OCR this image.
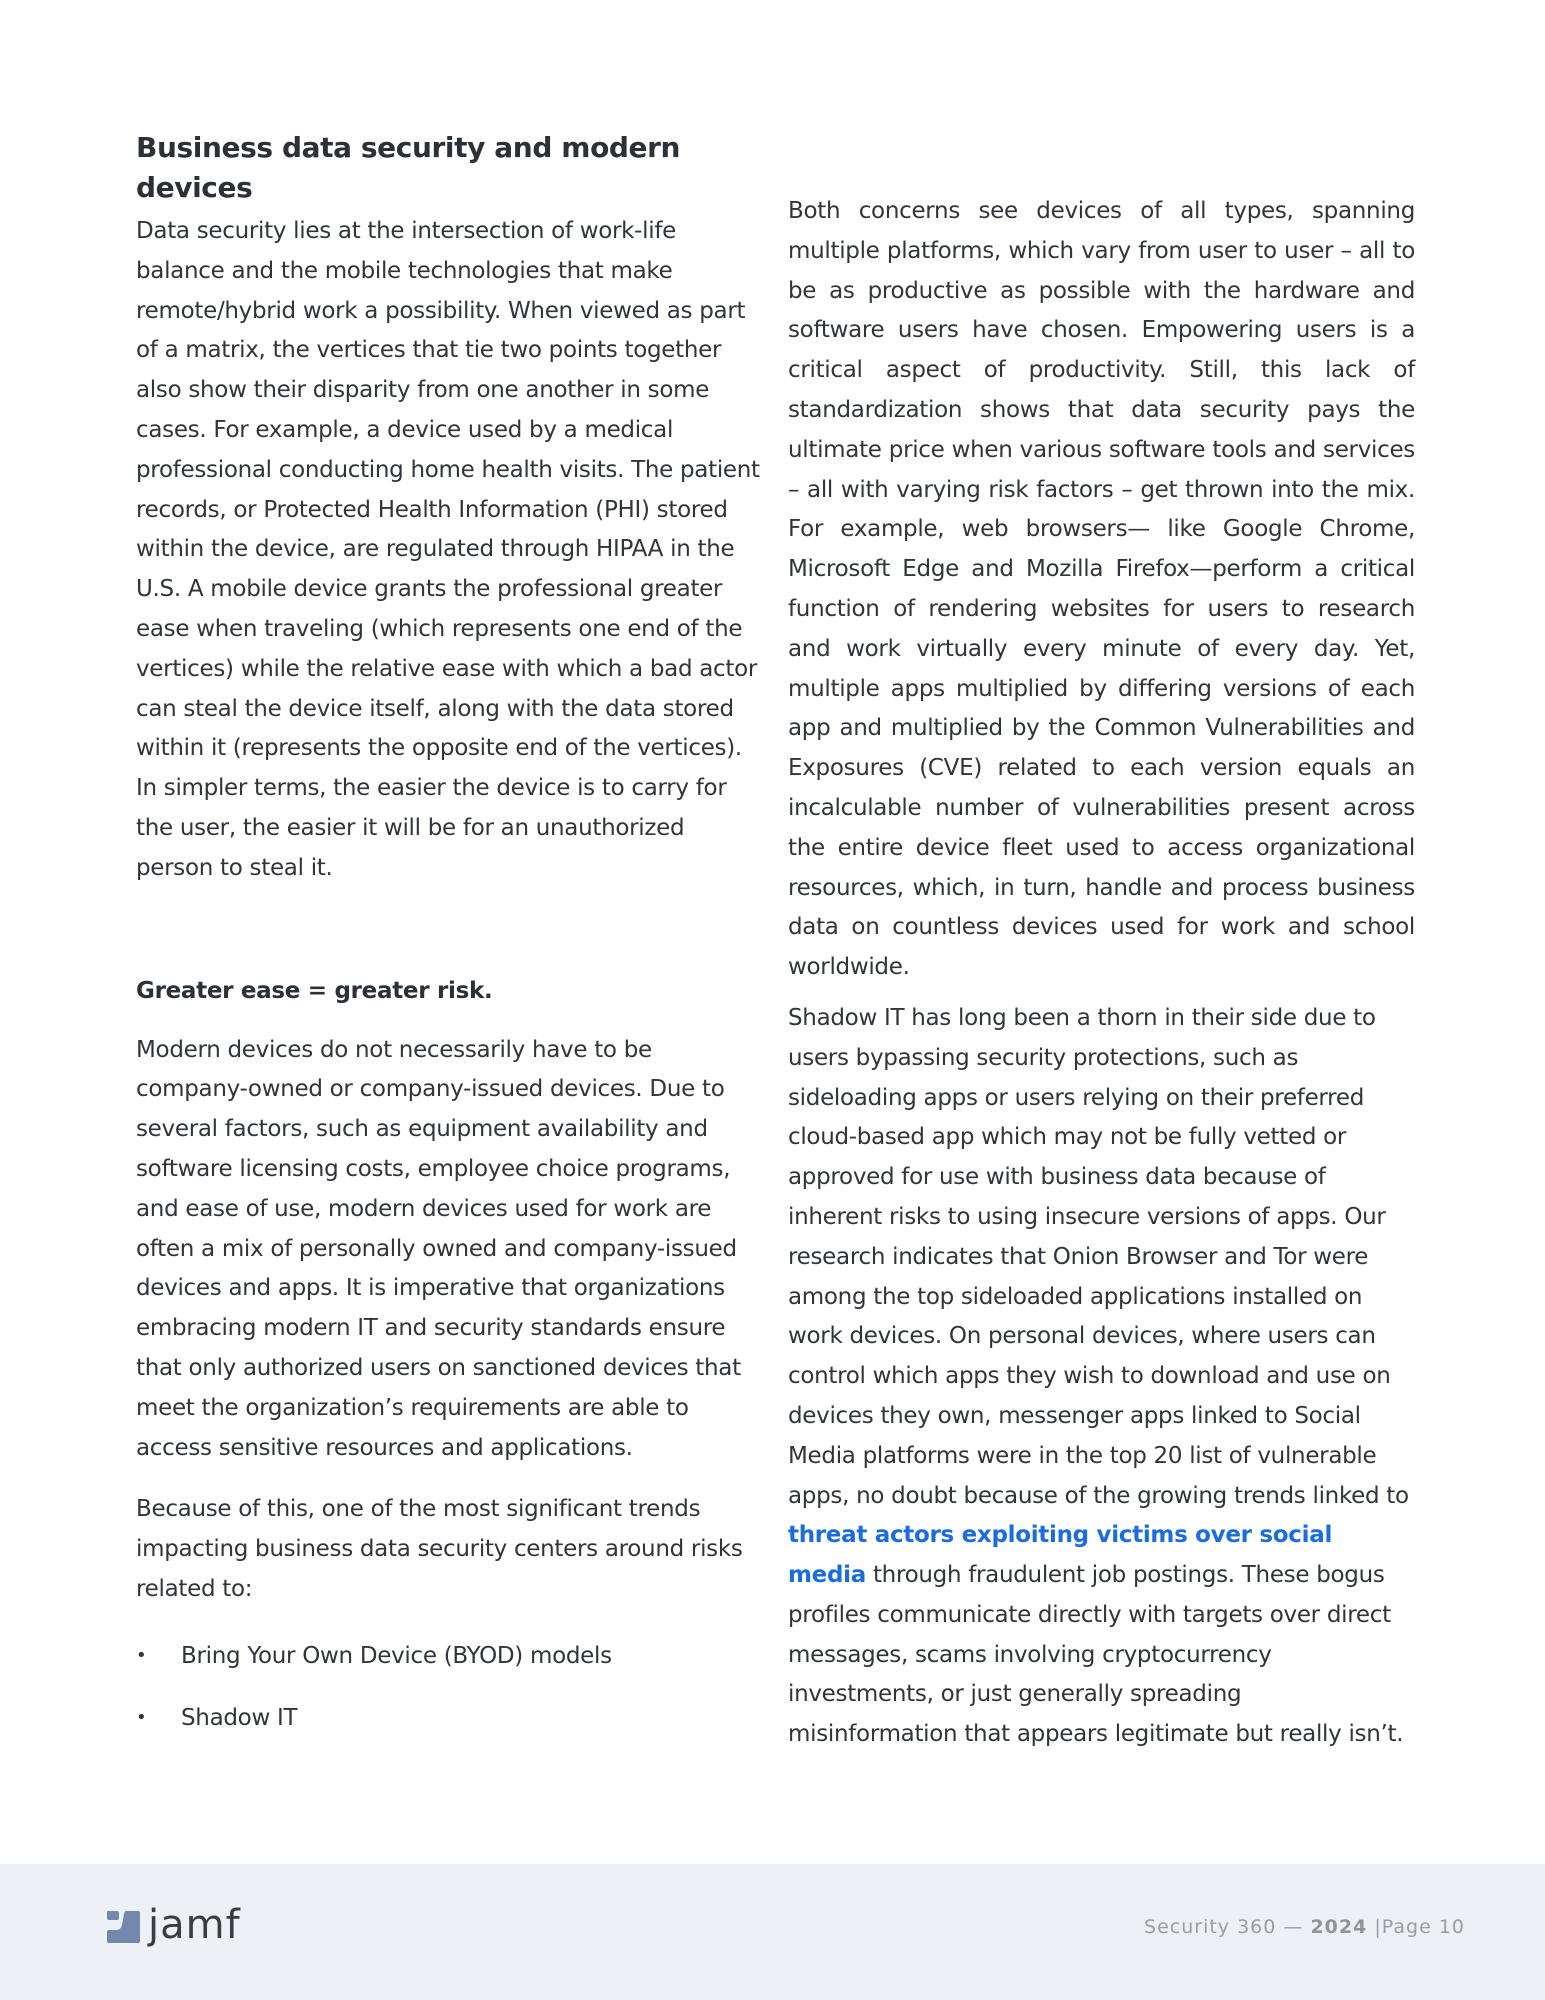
Business data security and modern devices

Data security lies at the intersection of work-life balance and the mobile technologies that make remote/hybrid work a possibility. When viewed as part of a matrix, the vertices that tie two points together also show their disparity from one another in some cases. For example, a device used by a medical professional conducting home health visits. The patient records, or Protected Health Information (PHI) stored within the device, are regulated through HIPAA in the U.S. A mobile device grants the professional greater ease when traveling (which represents one end of the vertices) while the relative ease with which a bad actor can steal the device itself, along with the data stored within it (represents the opposite end of the vertices). In simpler terms, the easier the device is to carry for the user, the easier it will be for an unauthorized person to steal it.

Greater ease = greater risk.

Modern devices do not necessarily have to be company-owned or company-issued devices. Due to several factors, such as equipment availability and software licensing costs, employee choice programs, and ease of use, modern devices used for work are often a mix of personally owned and company-issued devices and apps. It is imperative that organizations embracing modern IT and security standards ensure that only authorized users on sanctioned devices that meet the organization’s requirements are able to access sensitive resources and applications.

Because of this, one of the most significant trends impacting business data security centers around risks related to:

•	Bring Your Own Device (BYOD) models
•	Shadow IT

Both concerns see devices of all types, spanning multiple platforms, which vary from user to user – all to be as productive as possible with the hardware and software users have chosen. Empowering users is a critical aspect of productivity. Still, this lack of standardization shows that data security pays the ultimate price when various software tools and services – all with varying risk factors – get thrown into the mix. For example, web browsers— like Google Chrome, Microsoft Edge and Mozilla Firefox—perform a critical function of rendering websites for users to research and work virtually every minute of every day. Yet, multiple apps multiplied by differing versions of each app and multiplied by the Common Vulnerabilities and Exposures (CVE) related to each version equals an incalculable number of vulnerabilities present across the entire device fleet used to access organizational resources, which, in turn, handle and process business data on countless devices used for work and school worldwide.

Shadow IT has long been a thorn in their side due to users bypassing security protections, such as sideloading apps or users relying on their preferred cloud-based app which may not be fully vetted or approved for use with business data because of inherent risks to using insecure versions of apps. Our research indicates that Onion Browser and Tor were among the top sideloaded applications installed on work devices. On personal devices, where users can control which apps they wish to download and use on devices they own, messenger apps linked to Social Media platforms were in the top 20 list of vulnerable apps, no doubt because of the growing trends linked to threat actors exploiting victims over social media through fraudulent job postings. These bogus profiles communicate directly with targets over direct messages, scams involving cryptocurrency investments, or just generally spreading misinformation that appears legitimate but really isn’t.

jamf	Security 360 — 2024 |Page 10
